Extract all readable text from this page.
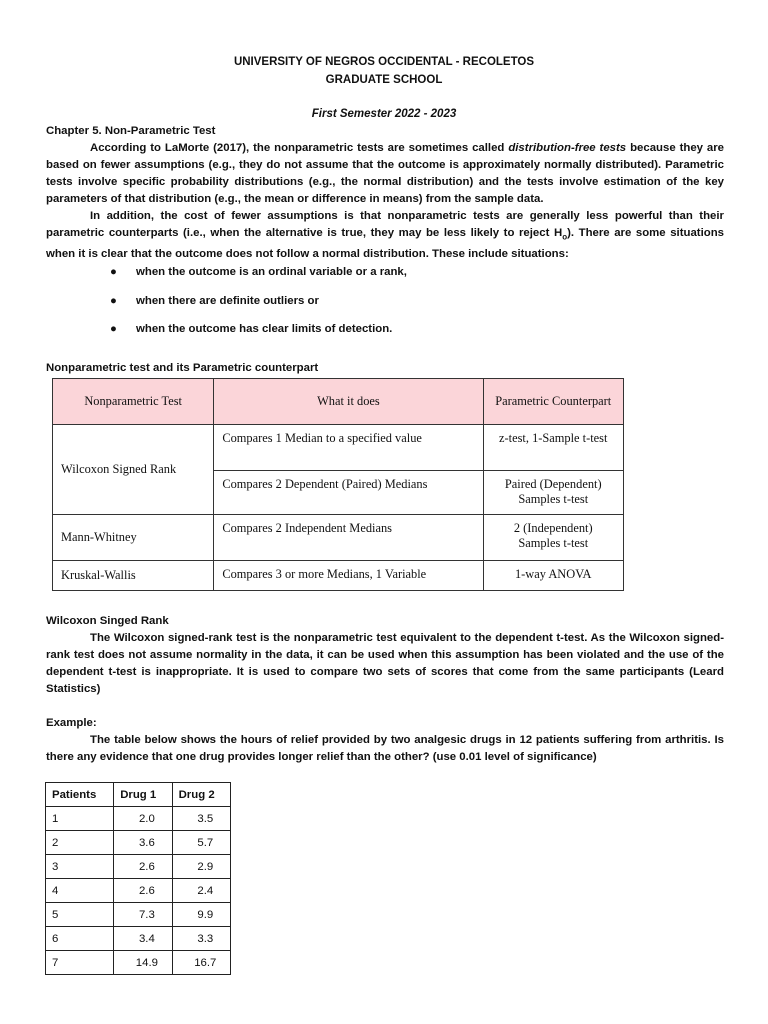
UNIVERSITY OF NEGROS OCCIDENTAL - RECOLETOS
GRADUATE SCHOOL
First Semester 2022 - 2023
Chapter 5. Non-Parametric Test
According to LaMorte (2017), the nonparametric tests are sometimes called distribution-free tests because they are based on fewer assumptions (e.g., they do not assume that the outcome is approximately normally distributed). Parametric tests involve specific probability distributions (e.g., the normal distribution) and the tests involve estimation of the key parameters of that distribution (e.g., the mean or difference in means) from the sample data.
In addition, the cost of fewer assumptions is that nonparametric tests are generally less powerful than their parametric counterparts (i.e., when the alternative is true, they may be less likely to reject $H_o$). There are some situations when it is clear that the outcome does not follow a normal distribution. These include situations:
● when the outcome is an ordinal variable or a rank,
● when there are definite outliers or
● when the outcome has clear limits of detection.
Nonparametric test and its Parametric counterpart
Nonparametric Test	What it does	Parametric Counterpart
Wilcoxon Signed Rank	Compares 1 Median to a specified value	z-test, 1-Sample t-test
	Compares 2 Dependent (Paired) Medians	Paired (Dependent) Samples t-test
Mann-Whitney	Compares 2 Independent Medians	2 (Independent) Samples t-test
Kruskal-Wallis	Compares 3 or more Medians, 1 Variable	1-way ANOVA
Wilcoxon Singed Rank
The Wilcoxon signed-rank test is the nonparametric test equivalent to the dependent t-test. As the Wilcoxon signed-rank test does not assume normality in the data, it can be used when this assumption has been violated and the use of the dependent t-test is inappropriate. It is used to compare two sets of scores that come from the same participants (Leard Statistics)
Example:
The table below shows the hours of relief provided by two analgesic drugs in 12 patients suffering from arthritis. Is there any evidence that one drug provides longer relief than the other? (use 0.01 level of significance)
Patients	Drug 1	Drug 2
1	2.0	3.5
2	3.6	5.7
3	2.6	2.9
4	2.6	2.4
5	7.3	9.9
6	3.4	3.3
7	14.9	16.7
